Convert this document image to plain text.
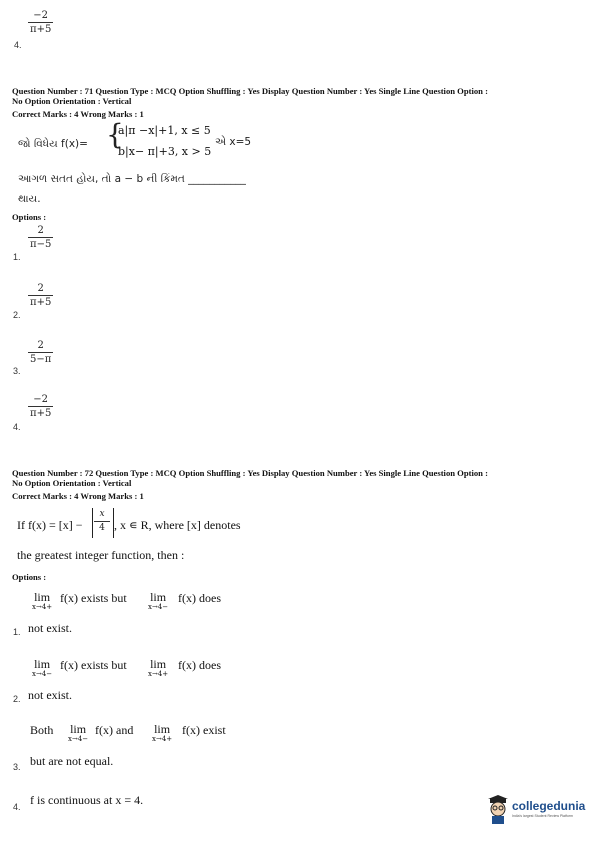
4.
−2
π+5
Question Number : 71 Question Type : MCQ Option Shuffling : Yes Display Question Number : Yes Single Line Question Option :
No Option Orientation : Vertical
Correct Marks : 4 Wrong Marks : 1
જો વિધેય f(x)= {
a|π −x|+1, x ≤ 5
b|x− π|+3, x > 5
એ x=5
આગળ સતત હોય, તો a − b ની કિંમત ___________
થાય.
Options :
1.
2
π−5
2.
2
π+5
3.
2
5−π
4.
−2
π+5
Question Number : 72 Question Type : MCQ Option Shuffling : Yes Display Question Number : Yes Single Line Question Option :
No Option Orientation : Vertical
Correct Marks : 4 Wrong Marks : 1
If f(x) = [x] −
x
4 , x ∊ R, where [x] denotes
the greatest integer function, then :
Options :
lim
x→4+
f(x) exists but lim
x→4−
f(x) does
1. not exist.
lim
x→4−
f(x) exists but lim
x→4+
f(x) does
2. not exist.
Both lim
x→4−
f(x) and lim
x→4+
f(x) exist
3. but are not equal.
4. f is continuous at x = 4.	collegedunia
India's largest Student Review Platform
